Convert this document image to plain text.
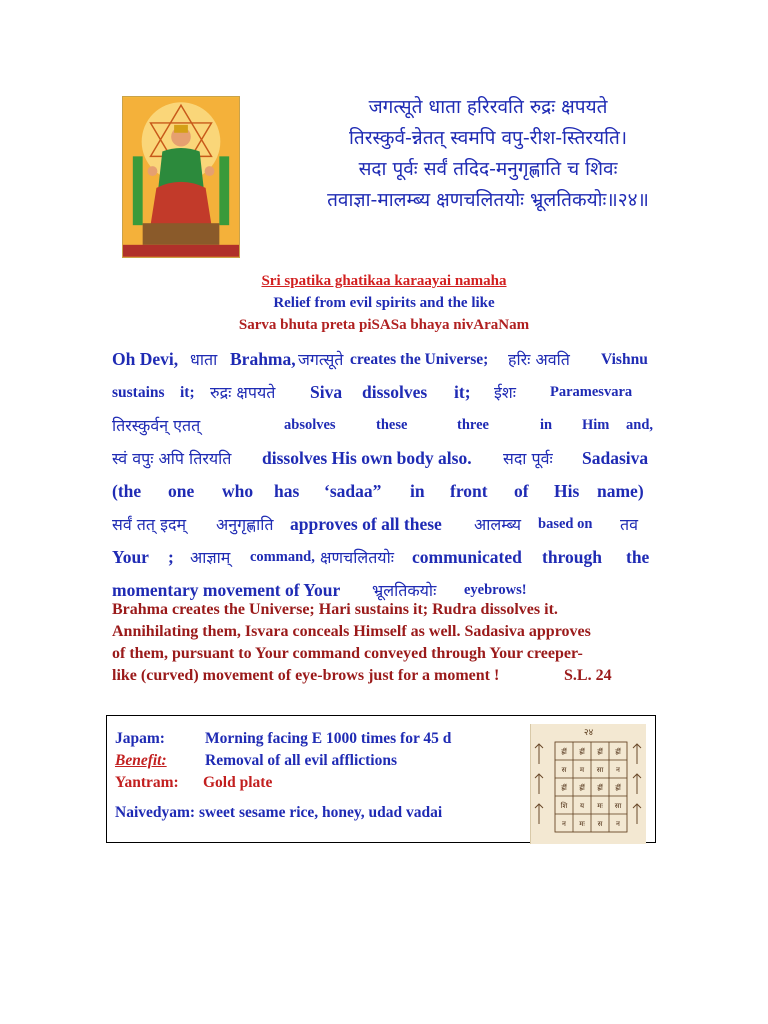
जगत्सूते धाता हरिरवति रुद्रः क्षपयते
तिरस्कुर्व-न्नेतत् स्वमपि वपु-रीश-स्तिरयति।
सदा पूर्वः सर्वं तदिद-मनुगृह्णाति च शिवः
तवाज्ञा-मालम्ब्य क्षणचलितयोः भ्रूलतिकयोः॥२४॥
Sri spatika ghatikaa karaayai namaha
Relief from evil spirits and the like
Sarva bhuta preta piSASa bhaya nivAraNam
Oh Devi, धाता Brahma, जगत्सूते creates the Universe; हरिः अवति Vishnu
sustains it; रुद्रः क्षपयते Siva dissolves it; ईशः Paramesvara
तिरस्कुर्वन् एतत्	absolves	these	three	in Him and,
स्वं वपुः अपि तिरयति dissolves His own body also. सदा पूर्वः Sadasiva
(the one who has ‘sadaa” in front of His name)
सर्वं तत् इदम् अनुगृह्णाति approves of all these आलम्ब्य based on तव
Your ; आज्ञाम् command, क्षणचलितयोः communicated through the
momentary movement of Your भ्रूलतिकयोः eyebrows!
Brahma creates the Universe; Hari sustains it; Rudra dissolves it.
Annihilating them, Isvara conceals Himself as well. Sadasiva approves
of them, pursuant to Your command conveyed through Your creeper-
like (curved) movement of eye-brows just for a moment !	S.L. 24
Japam:	Morning facing E 1000 times for 45 d
Benefit: Removal of all evil afflictions
Yantram: Gold plate
Naivedyam: sweet sesame rice, honey, udad vadai
२४
ह्रीं ह्रीं ह्रीं ह्रीं
स म सा न
ह्रीं ह्रीं ह्रीं ह्रीं
शि य मः सा
न मः स न
